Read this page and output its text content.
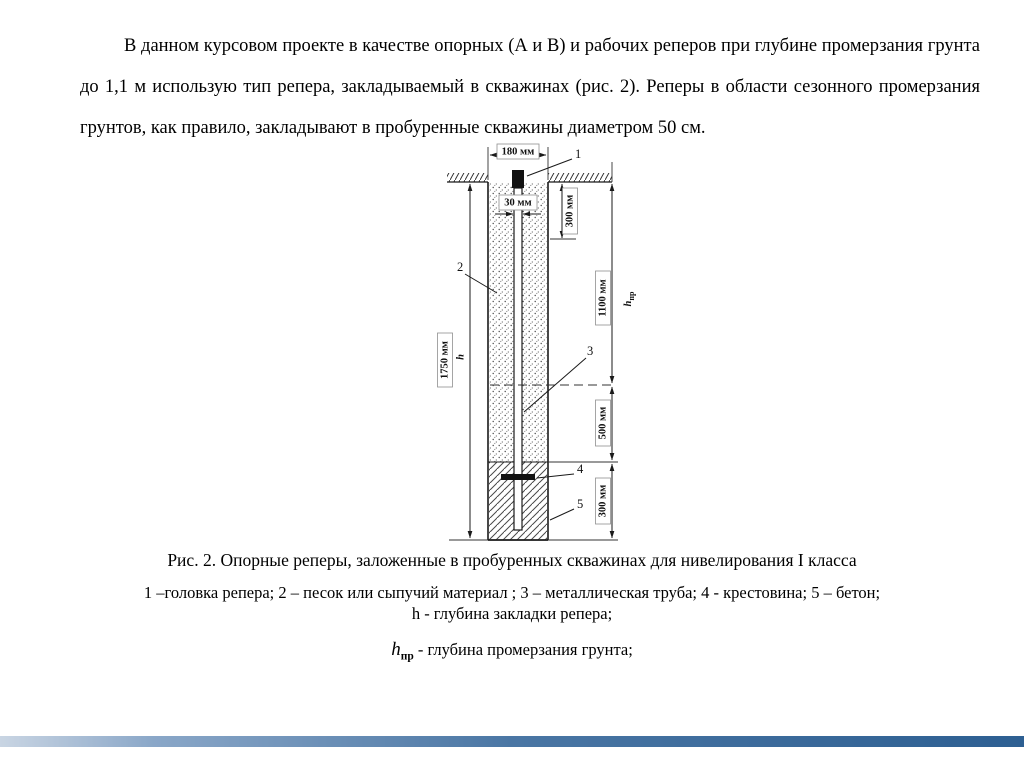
В данном курсовом проекте в качестве опорных (А и В) и рабочих реперов при глубине промерзания грунта до 1,1 м использую тип репера, закладываемый в скважинах (рис. 2). Реперы в области сезонного промерзания грунтов, как правило, закладывают в пробуренные скважины диаметром 50 см.

180 мм
30 мм	300 мм
1100 мм $h_{пр}$
500 мм
300 мм
1750 мм h
1
2
3
4
5
Рис. 2. Опорные реперы, заложенные в пробуренных скважинах для нивелирования I класса
1 –головка репера; 2 – песок или сыпучий материал ; 3 – металлическая труба; 4 - крестовина; 5 – бетон;
h - глубина закладки репера;
$h_{пр}$ - глубина промерзания грунта;
